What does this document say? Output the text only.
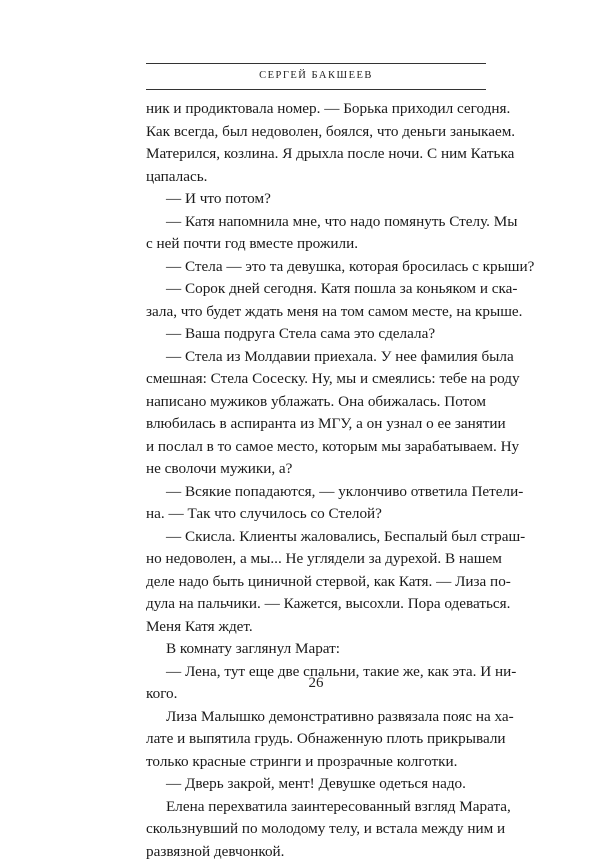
СЕРГЕЙ БАКШЕЕВ
ник и продиктовала номер. — Борька приходил сегодня.
Как всегда, был недоволен, боялся, что деньги заныкаем.
Матерился, козлина. Я дрыхла после ночи. С ним Катька
цапалась.
— И что потом?
— Катя напомнила мне, что надо помянуть Стелу. Мы
с ней почти год вместе прожили.
— Стела — это та девушка, которая бросилась с крыши?
— Сорок дней сегодня. Катя пошла за коньяком и ска-
зала, что будет ждать меня на том самом месте, на крыше.
— Ваша подруга Стела сама это сделала?
— Стела из Молдавии приехала. У нее фамилия была
смешная: Стела Сосеску. Ну, мы и смеялись: тебе на роду
написано мужиков ублажать. Она обижалась. Потом
влюбилась в аспиранта из МГУ, а он узнал о ее занятии
и послал в то самое место, которым мы зарабатываем. Ну
не сволочи мужики, а?
— Всякие попадаются, — уклончиво ответила Петели-
на. — Так что случилось со Стелой?
— Скисла. Клиенты жаловались, Беспалый был страш-
но недоволен, а мы... Не углядели за дурехой. В нашем
деле надо быть циничной стервой, как Катя. — Лиза по-
дула на пальчики. — Кажется, высохли. Пора одеваться.
Меня Катя ждет.
В комнату заглянул Марат:
— Лена, тут еще две спальни, такие же, как эта. И ни-
кого.
Лиза Малышко демонстративно развязала пояс на ха-
лате и выпятила грудь. Обнаженную плоть прикрывали
только красные стринги и прозрачные колготки.
— Дверь закрой, мент! Девушке одеться надо.
Елена перехватила заинтересованный взгляд Марата,
скользнувший по молодому телу, и встала между ним и
развязной девчонкой.
26
